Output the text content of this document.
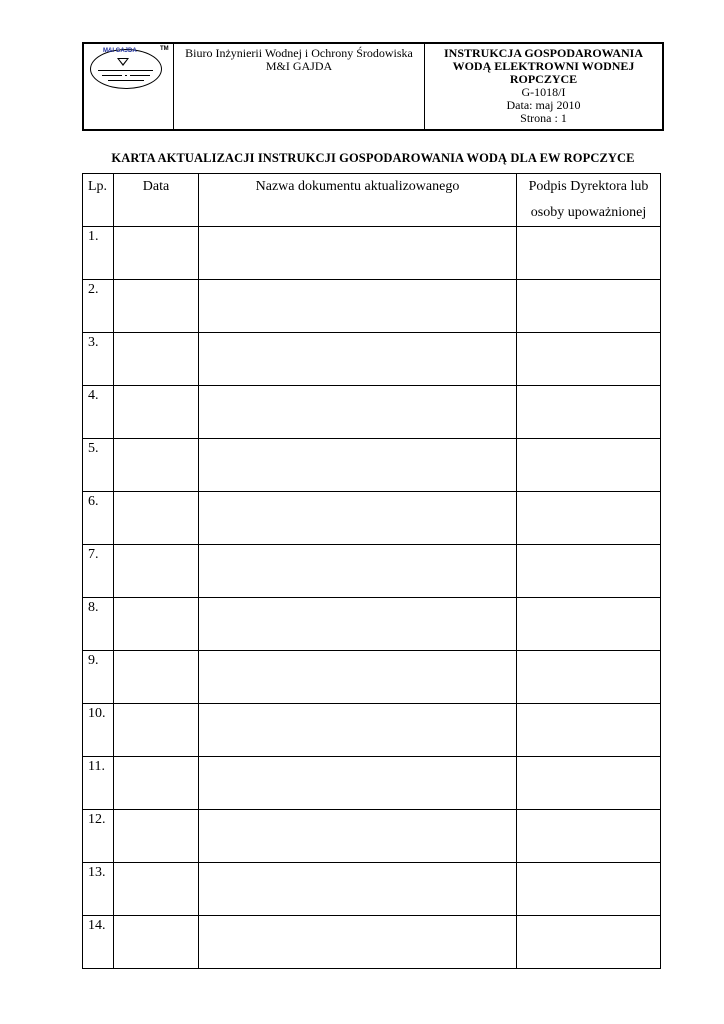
M&I GAJDA	TM	Biuro Inżynierii Wodnej i Ochrony Środowiska
M&I GAJDA
INSTRUKCJA GOSPODAROWANIA
WODĄ ELEKTROWNI WODNEJ
ROPCZYCE
G-1018/I
Data: maj 2010
Strona : 1
KARTA AKTUALIZACJI INSTRUKCJI GOSPODAROWANIA WODĄ DLA EW ROPCZYCE
Lp.	Data	Nazwa dokumentu aktualizowanego	Podpis Dyrektora lub
osoby upoważnionej

1.			
2.			
3.			
4.			
5.			
6.			
7.			
8.			
9.			
10.			
11.			
12.			
13.			
14.			
